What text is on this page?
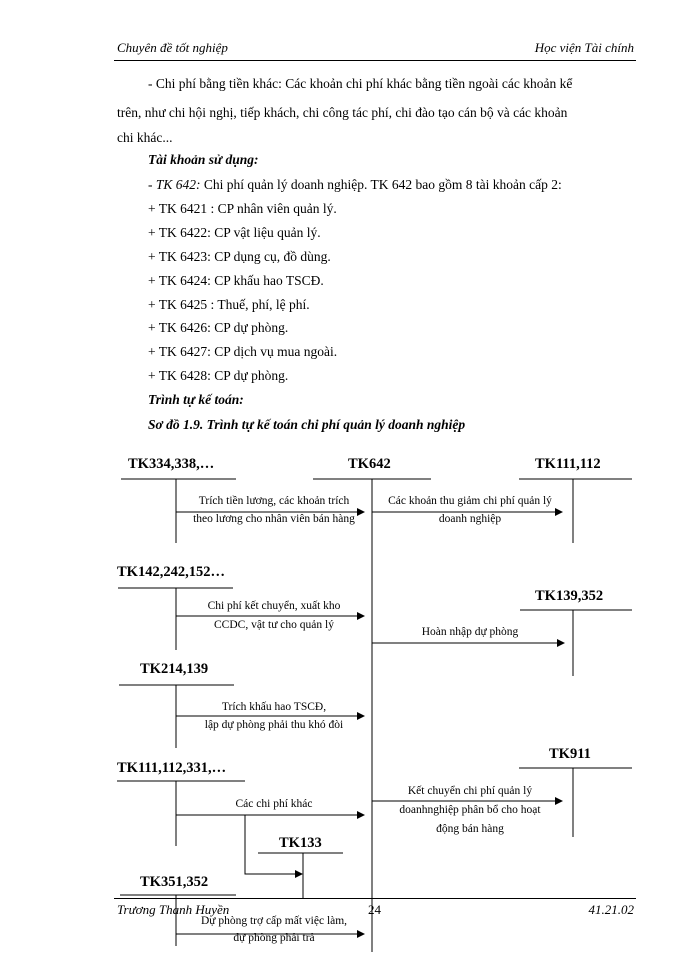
Chuyên đề tốt nghiệp	Học viện Tài chính
- Chi phí bằng tiền khác: Các khoản chi phí khác bằng tiền ngoài các khoản kể
trên, như chi hội nghị, tiếp khách, chi công tác phí, chi đào tạo cán bộ và các khoản
chi khác...
Tài khoản sử dụng:
- TK 642: Chi phí quản lý doanh nghiệp. TK 642 bao gồm 8 tài khoản cấp 2:
+ TK 6421 : CP nhân viên quản lý.
+ TK 6422: CP vật liệu quản lý.
+ TK 6423: CP dụng cụ, đồ dùng.
+ TK 6424: CP khấu hao TSCĐ.
+ TK 6425 : Thuế, phí, lệ phí.
+ TK 6426: CP dự phòng.
+ TK 6427: CP dịch vụ mua ngoài.
+ TK 6428: CP dự phòng.
Trình tự kế toán:
Sơ đồ 1.9. Trình tự kế toán chi phí quản lý doanh nghiệp
TK334,338,…	TK642	TK111,112
TK142,242,152…
TK139,352
TK214,139
TK911
TK111,112,331,…
TK133
TK351,352
Trích tiền lương, các khoản trích
theo lương cho nhân viên bán hàng
Các khoản thu giảm chi phí quản lý
doanh nghiệp
Chi phí kết chuyển, xuất kho
CCDC, vật tư cho quản lý
Hoàn nhập dự phòng
Trích khấu hao TSCĐ,
lập dự phòng phải thu khó đòi
Các chi phí khác
Kết chuyển chi phí quản lý
doanhnghiệp phân bổ cho hoạt
động bán hàng
Dự phòng trợ cấp mất việc làm,
dự phòng phải trả
Trương Thanh Huyền	24	41.21.02
